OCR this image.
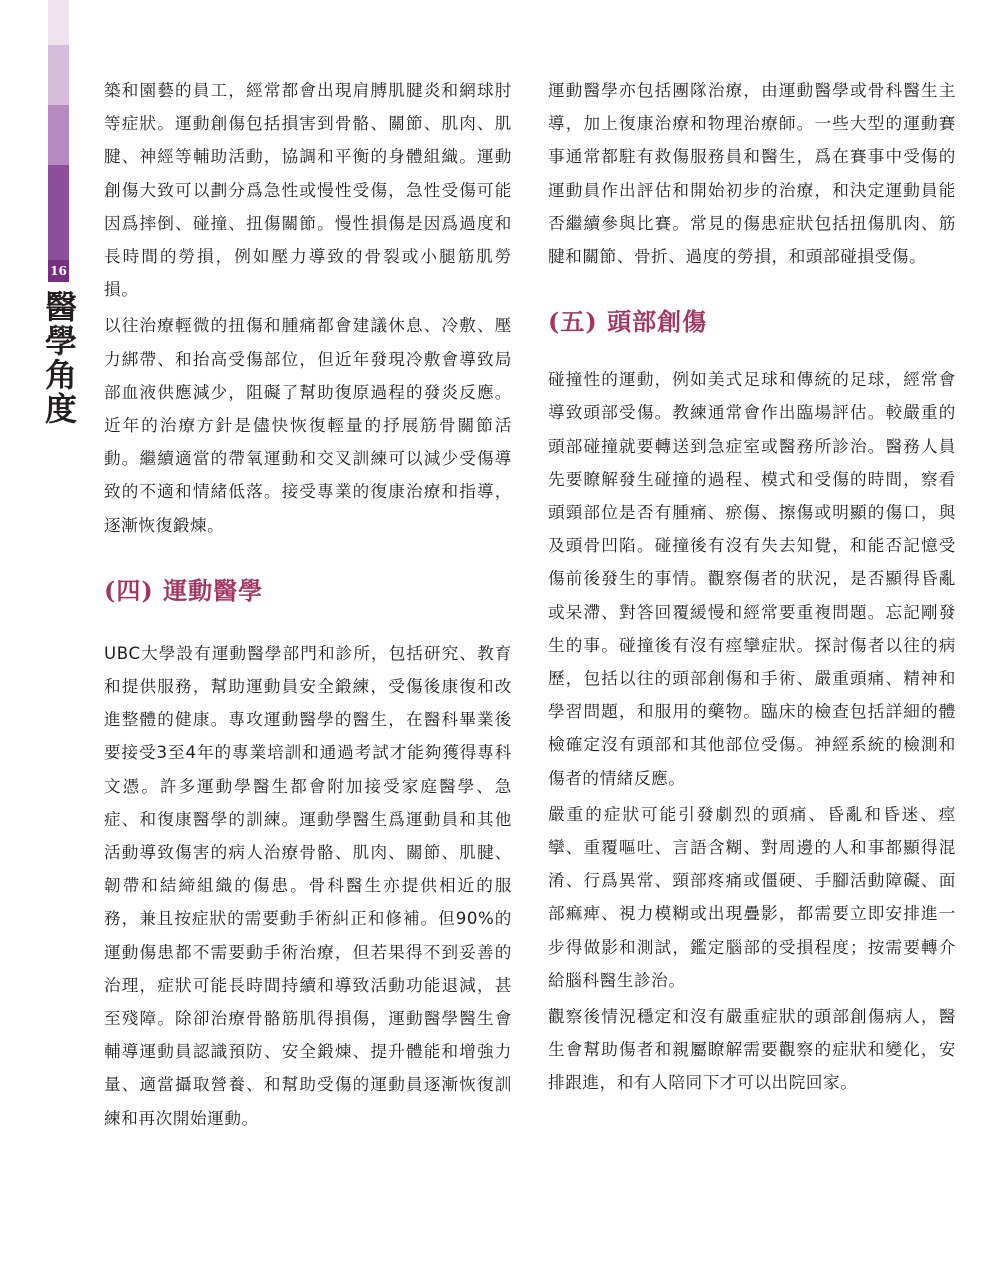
16
醫學角度

築和園藝的員工，經常都會出現肩膊肌腱炎和網球肘等症狀。運動創傷包括損害到骨骼、關節、肌肉、肌腱、神經等輔助活動，協調和平衡的身體組織。運動創傷大致可以劃分爲急性或慢性受傷，急性受傷可能因爲摔倒、碰撞、扭傷關節。慢性損傷是因爲過度和長時間的勞損，例如壓力導致的骨裂或小腿筋肌勞損。

以往治療輕微的扭傷和腫痛都會建議休息、冷敷、壓力綁帶、和抬高受傷部位，但近年發現冷敷會導致局部血液供應減少，阻礙了幫助復原過程的發炎反應。近年的治療方針是儘快恢復輕量的抒展筋骨關節活動。繼續適當的帶氧運動和交叉訓練可以減少受傷導致的不適和情緒低落。接受專業的復康治療和指導，逐漸恢復鍛煉。

(四) 運動醫學

UBC大學設有運動醫學部門和診所，包括研究、教育和提供服務，幫助運動員安全鍛練，受傷後康復和改進整體的健康。專攻運動醫學的醫生，在醫科畢業後要接受3至4年的專業培訓和通過考試才能夠獲得專科文憑。許多運動學醫生都會附加接受家庭醫學、急症、和復康醫學的訓練。運動學醫生爲運動員和其他活動導致傷害的病人治療骨骼、肌肉、關節、肌腱、韌帶和結締組織的傷患。骨科醫生亦提供相近的服務，兼且按症狀的需要動手術糾正和修補。但90%的運動傷患都不需要動手術治療，但若果得不到妥善的治理，症狀可能長時間持續和導致活動功能退減，甚至殘障。除卻治療骨骼筋肌得損傷，運動醫學醫生會輔導運動員認識預防、安全鍛煉、提升體能和增強力量、適當攝取營養、和幫助受傷的運動員逐漸恢復訓練和再次開始運動。

運動醫學亦包括團隊治療，由運動醫學或骨科醫生主導，加上復康治療和物理治療師。一些大型的運動賽事通常都駐有救傷服務員和醫生，爲在賽事中受傷的運動員作出評估和開始初步的治療，和決定運動員能否繼續參與比賽。常見的傷患症狀包括扭傷肌肉、筋腱和關節、骨折、過度的勞損，和頭部碰損受傷。

(五) 頭部創傷

碰撞性的運動，例如美式足球和傳統的足球，經常會導致頭部受傷。教練通常會作出臨場評估。較嚴重的頭部碰撞就要轉送到急症室或醫務所診治。醫務人員先要瞭解發生碰撞的過程、模式和受傷的時間，察看頭頸部位是否有腫痛、瘀傷、擦傷或明顯的傷口，與及頭骨凹陷。碰撞後有沒有失去知覺，和能否記憶受傷前後發生的事情。觀察傷者的狀況，是否顯得昏亂或呆滯、對答回覆緩慢和經常要重複問題。忘記剛發生的事。碰撞後有沒有痙攣症狀。探討傷者以往的病歷，包括以往的頭部創傷和手術、嚴重頭痛、精神和學習問題，和服用的藥物。臨床的檢查包括詳細的體檢確定沒有頭部和其他部位受傷。神經系統的檢測和傷者的情緒反應。

嚴重的症狀可能引發劇烈的頭痛、昏亂和昏迷、痙攣、重覆嘔吐、言語含糊、對周邊的人和事都顯得混淆、行爲異常、頸部疼痛或僵硬、手腳活動障礙、面部痲痺、視力模糊或出現疊影，都需要立即安排進一步得做影和測試，鑑定腦部的受損程度；按需要轉介給腦科醫生診治。

觀察後情況穩定和沒有嚴重症狀的頭部創傷病人，醫生會幫助傷者和親屬瞭解需要觀察的症狀和變化，安排跟進，和有人陪同下才可以出院回家。
